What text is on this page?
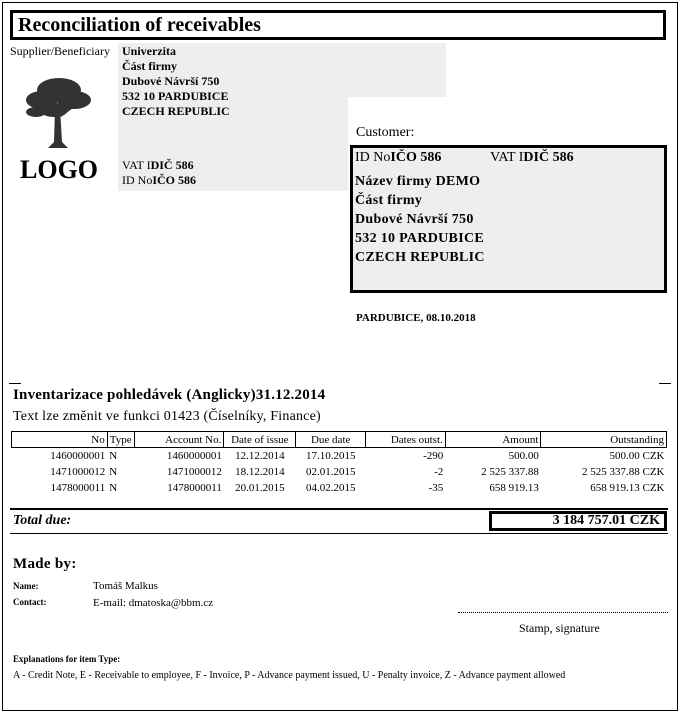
Reconciliation of receivables
Supplier/Beneficiary	Univerzita
Část firmy
Dubové Návrší 750
532 10 PARDUBICE
CZECH REPUBLIC
LOGO VAT IDIČ 586
ID NoIČO 586
Customer:
ID NoIČO 586	VAT IDIČ 586
Název firmy DEMO
Část firmy
Dubové Návrší 750
532 10 PARDUBICE
CZECH REPUBLIC
PARDUBICE, 08.10.2018
Inventarizace pohledávek (Anglicky)31.12.2014
Text lze změnit ve funkci 01423 (Číselníky, Finance)
No	Type	Account No.	Date of issue	Due date	Dates outst.	Amount	Outstanding
1460000001	N	1460000001	12.12.2014	17.10.2015	-290	500.00	500.00 CZK
1471000012	N	1471000012	18.12.2014	02.01.2015	-2	2 525 337.88	2 525 337.88 CZK
1478000011	N	1478000011	20.01.2015	04.02.2015	-35	658 919.13	658 919.13 CZK
Total due:	3 184 757.01 CZK
Made by:
Name:	Tomáš Malkus
Contact:	E-mail: dmatoska@bbm.cz
Stamp, signature
Explanations for item Type:
A - Credit Note, E - Receivable to employee, F - Invoice, P - Advance payment issued, U - Penalty invoice, Z - Advance payment allowed
